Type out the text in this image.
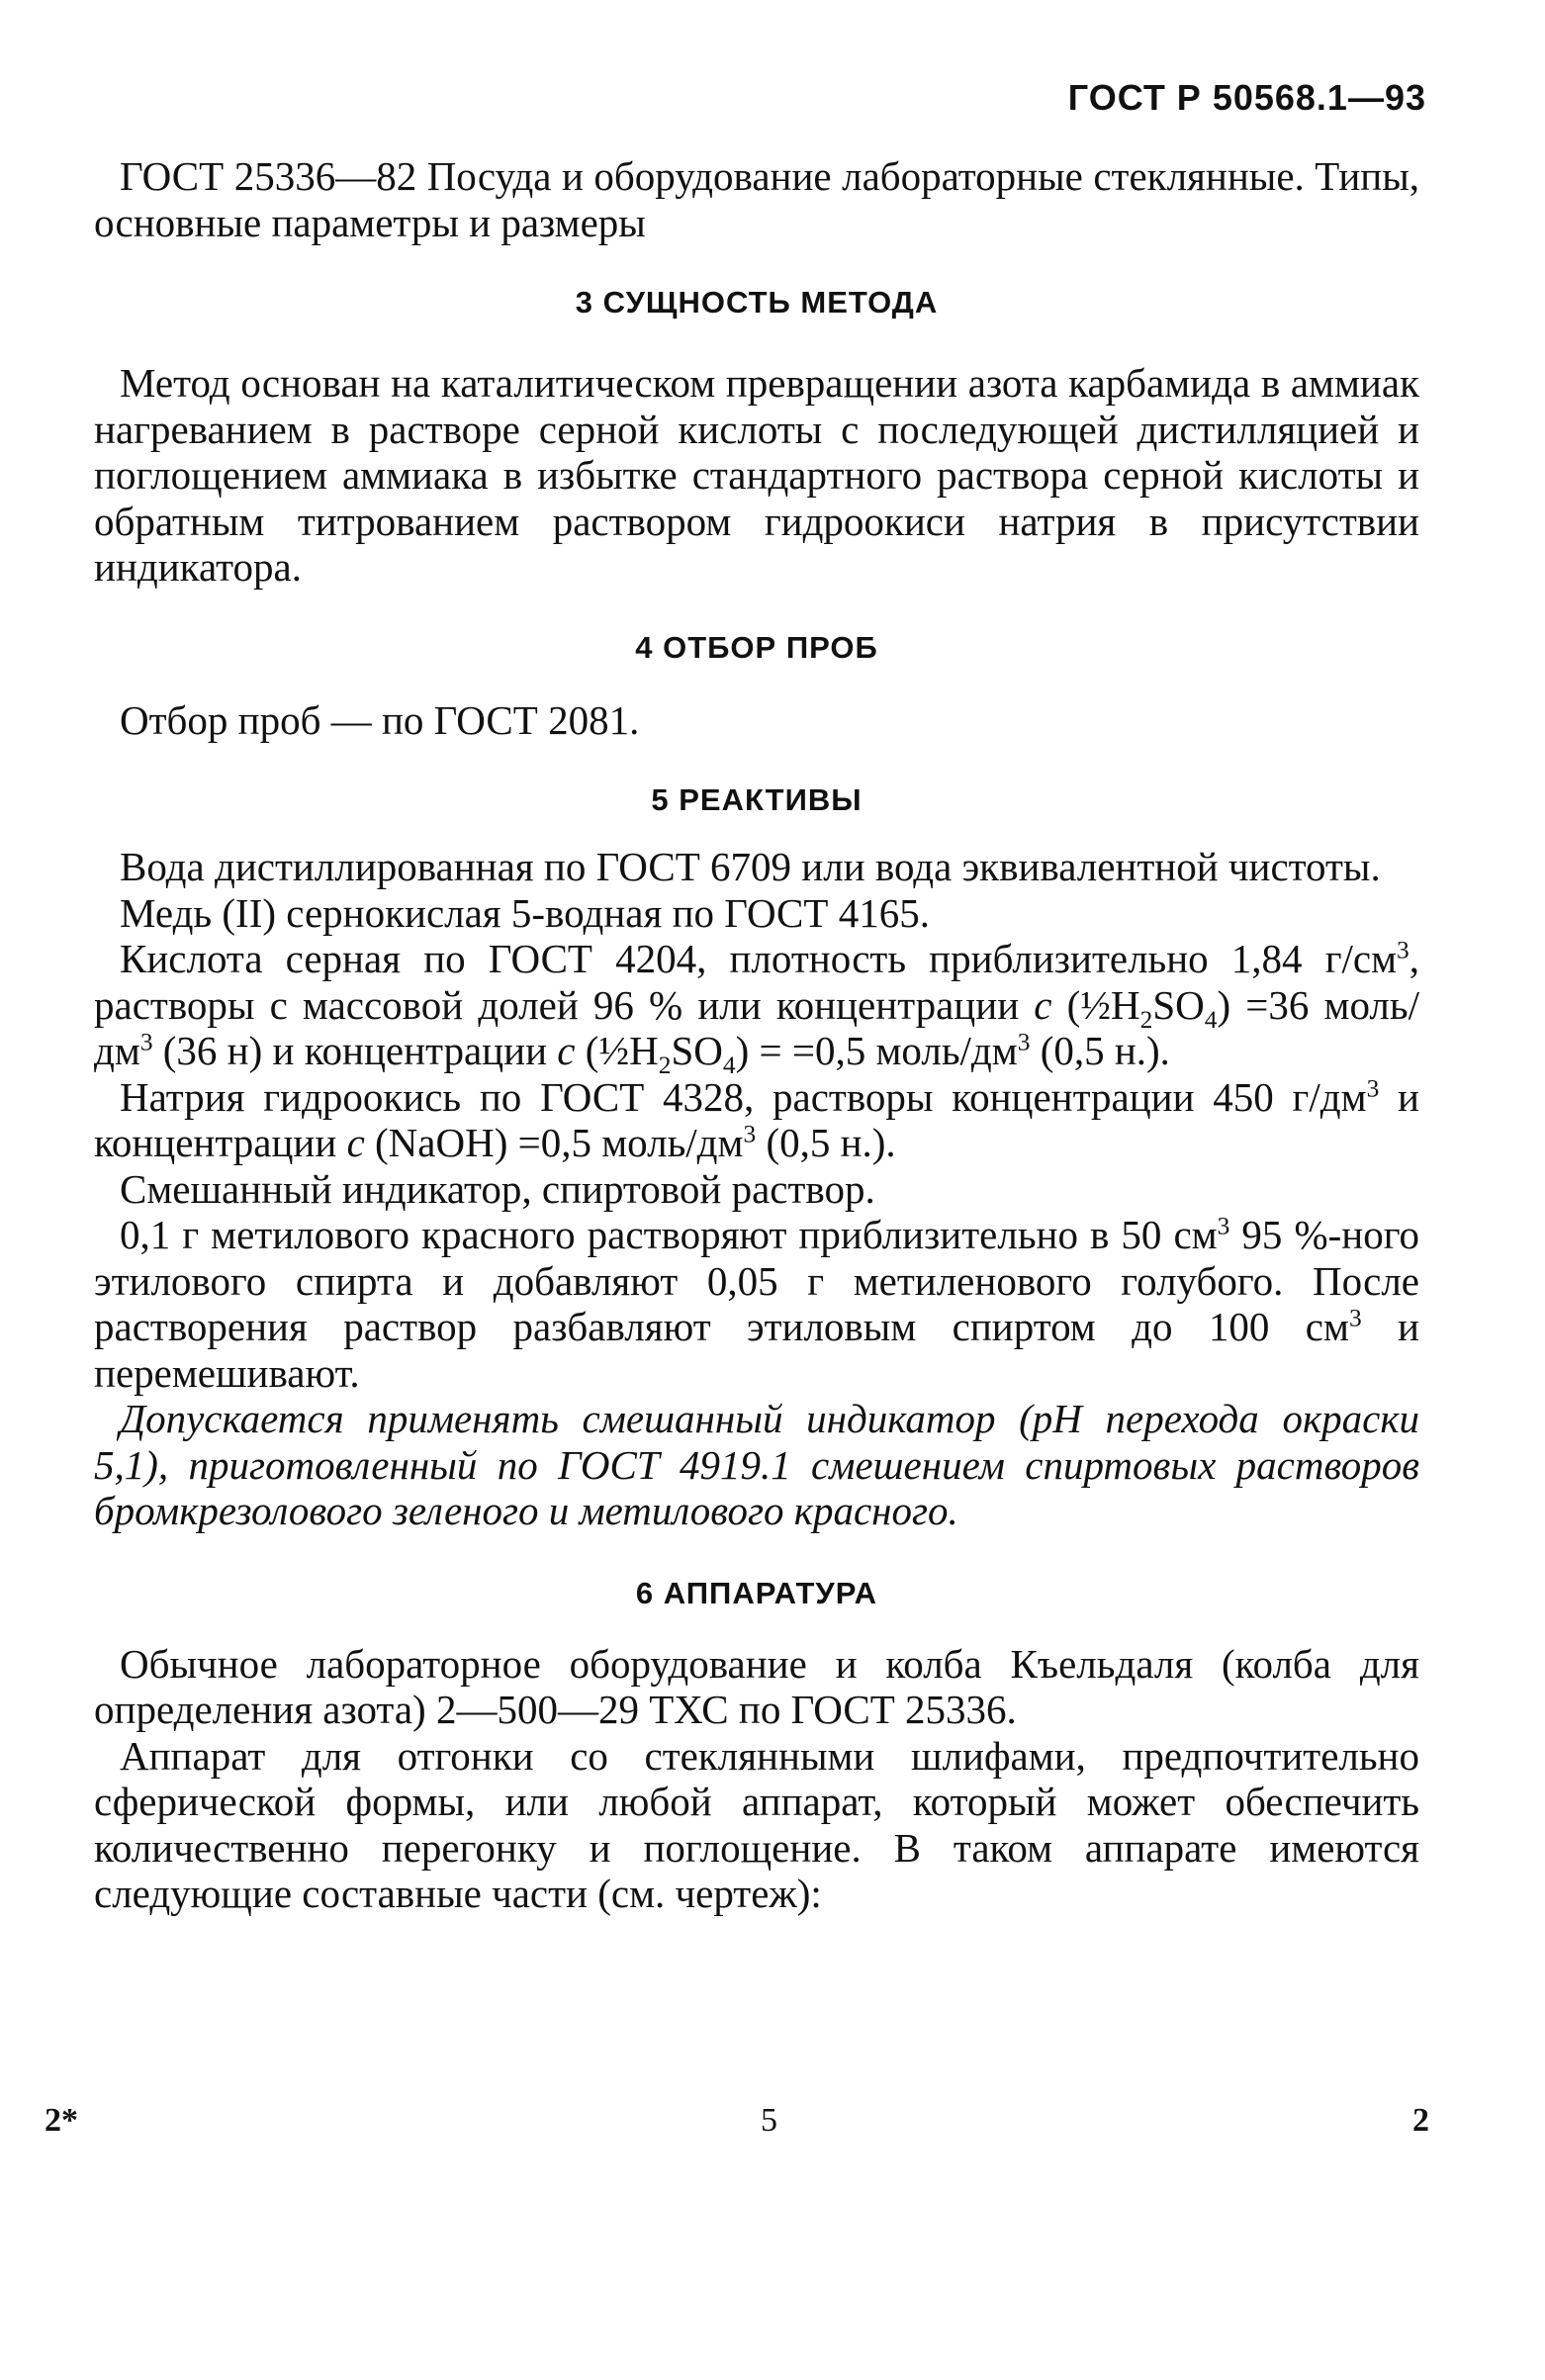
ГОСТ Р 50568.1—93

ГОСТ 25336—82 Посуда и оборудование лабораторные стеклянные. Типы, основные параметры и размеры

3 СУЩНОСТЬ МЕТОДА

Метод основан на каталитическом превращении азота карбамида в аммиак нагреванием в растворе серной кислоты с последующей дистилляцией и поглощением аммиака в избытке стандартного раствора серной кислоты и обратным титрованием раствором гидроокиси натрия в присутствии индикатора.

4 ОТБОР ПРОБ

Отбор проб — по ГОСТ 2081.

5 РЕАКТИВЫ

Вода дистиллированная по ГОСТ 6709 или вода эквивалентной чистоты.

Медь (II) сернокислая 5-водная по ГОСТ 4165.

Кислота серная по ГОСТ 4204, плотность приблизительно 1,84 $г/см^3$, растворы с массовой долей 96 % или концентрации c $(\frac{1}{2}H_2SO_4) =36$ моль/$дм^3$ (36 н) и концентрации c $(\frac{1}{2}H_2SO_4) = =0,5$ моль/$дм^3$ (0,5 н.).

Натрия гидроокись по ГОСТ 4328, растворы концентрации 450 $г/дм^3$ и концентрации c (NaOH) =0,5 моль/$дм^3$ (0,5 н.).

Смешанный индикатор, спиртовой раствор.

0,1 г метилового красного растворяют приблизительно в 50 $см^3$ 95 %-ного этилового спирта и добавляют 0,05 г метиленового голубого. После растворения раствор разбавляют этиловым спиртом до 100 $см^3$ и перемешивают.

Допускается применять смешанный индикатор (pH перехода окраски 5,1), приготовленный по ГОСТ 4919.1 смешением спиртовых растворов бромкрезолового зеленого и метилового красного.

6 АППАРАТУРА

Обычное лабораторное оборудование и колба Къельдаля (колба для определения азота) 2—500—29 ТХС по ГОСТ 25336.

Аппарат для отгонки со стеклянными шлифами, предпочтительно сферической формы, или любой аппарат, который может обеспечить количественно перегонку и поглощение. В таком аппарате имеются следующие составные части (см. чертеж):

2*	5	2
